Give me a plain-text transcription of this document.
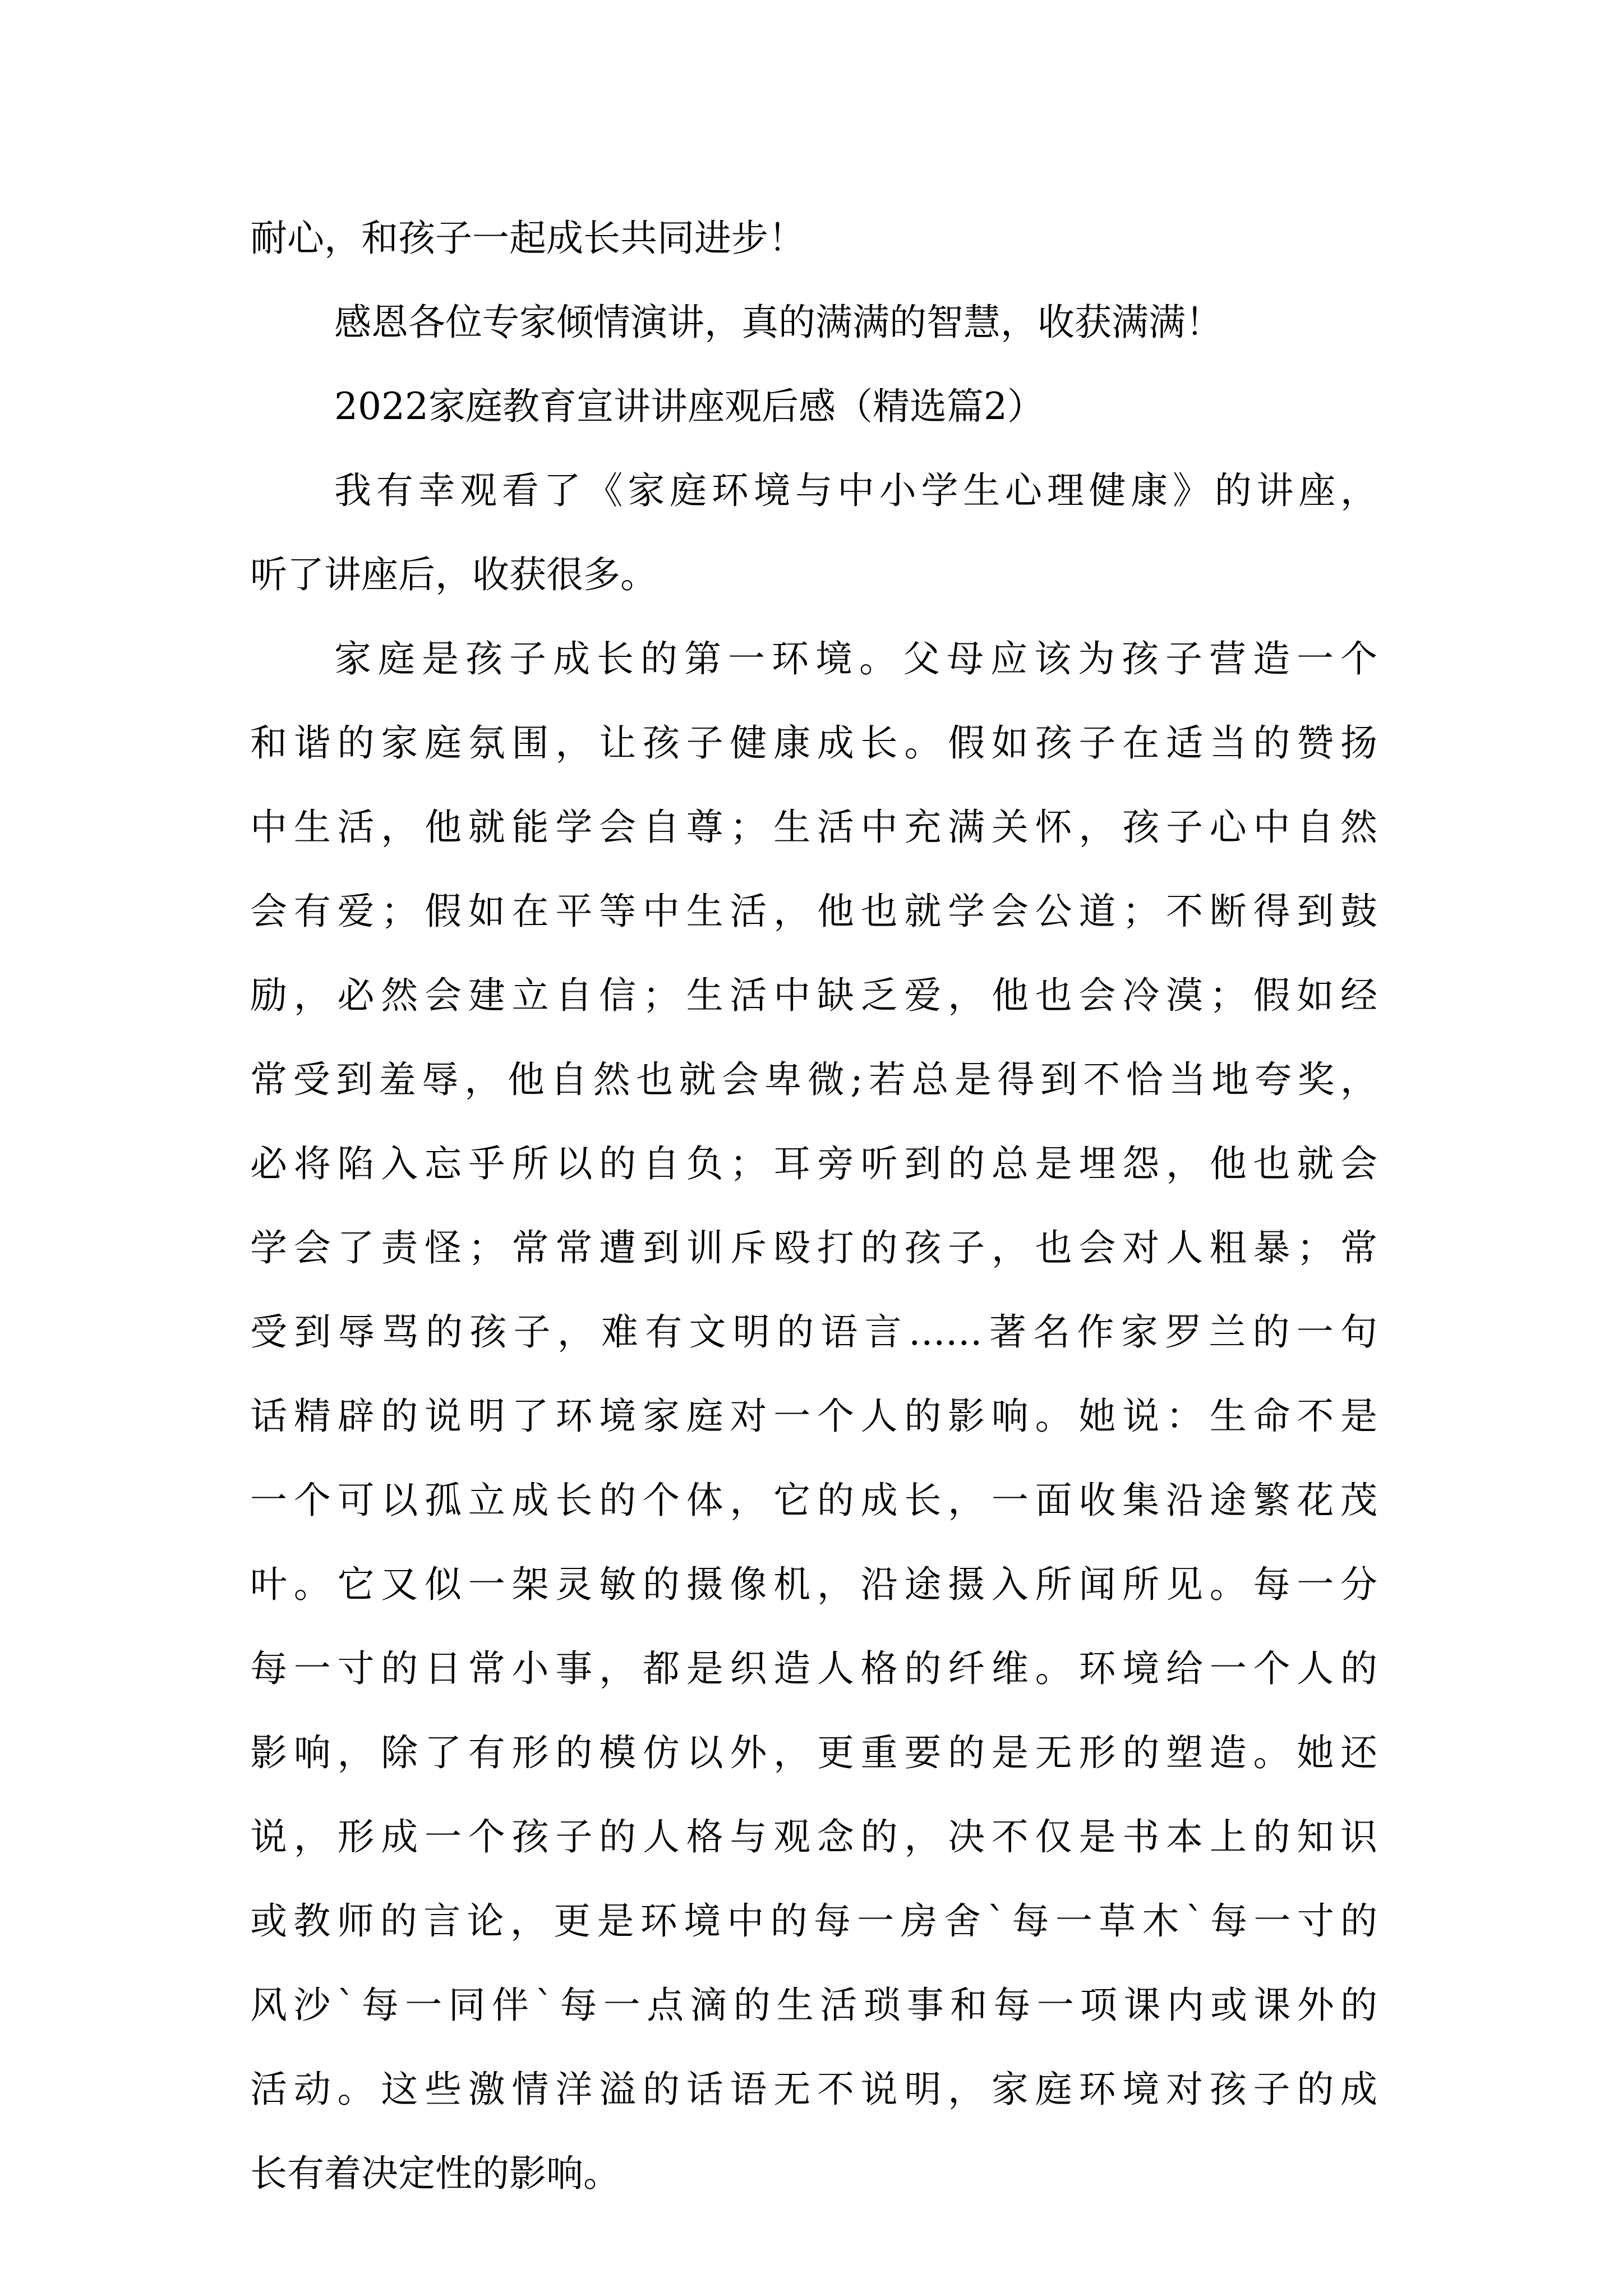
耐心，和孩子一起成长共同进步！
感恩各位专家倾情演讲，真的满满的智慧，收获满满！
2022家庭教育宣讲讲座观后感（精选篇2）
我有幸观看了《家庭环境与中小学生心理健康》的讲座，
听了讲座后，收获很多。
家庭是孩子成长的第一环境。父母应该为孩子营造一个
和谐的家庭氛围，让孩子健康成长。假如孩子在适当的赞扬
中生活，他就能学会自尊；生活中充满关怀，孩子心中自然
会有爱；假如在平等中生活，他也就学会公道；不断得到鼓
励，必然会建立自信；生活中缺乏爱，他也会冷漠；假如经
常受到羞辱，他自然也就会卑微;若总是得到不恰当地夸奖，
必将陷入忘乎所以的自负；耳旁听到的总是埋怨，他也就会
学会了责怪；常常遭到训斥殴打的孩子，也会对人粗暴；常
受到辱骂的孩子，难有文明的语言……著名作家罗兰的一句
话精辟的说明了环境家庭对一个人的影响。她说：生命不是
一个可以孤立成长的个体，它的成长，一面收集沿途繁花茂
叶。它又似一架灵敏的摄像机，沿途摄入所闻所见。每一分
每一寸的日常小事，都是织造人格的纤维。环境给一个人的
影响，除了有形的模仿以外，更重要的是无形的塑造。她还
说，形成一个孩子的人格与观念的，决不仅是书本上的知识
或教师的言论，更是环境中的每一房舍`每一草木`每一寸的
风沙`每一同伴`每一点滴的生活琐事和每一项课内或课外的
活动。这些激情洋溢的话语无不说明，家庭环境对孩子的成
长有着决定性的影响。
